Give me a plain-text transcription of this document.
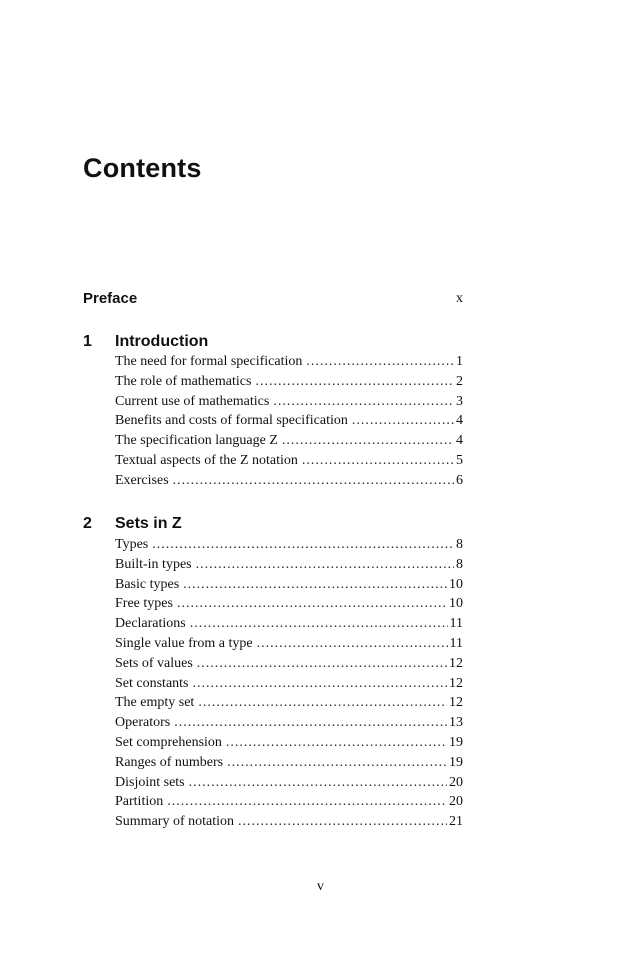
Contents
Preface	x
1 Introduction
The need for formal specification .....	1
The role of mathematics .....	2
Current use of mathematics .....	3
Benefits and costs of formal specification .....	4
The specification language Z .....	4
Textual aspects of the Z notation .....	5
Exercises .....	6
2 Sets in Z
Types .....	8
Built-in types .....	8
Basic types .....	10
Free types .....	10
Declarations .....	11
Single value from a type .....	11
Sets of values .....	12
Set constants .....	12
The empty set .....	12
Operators .....	13
Set comprehension .....	19
Ranges of numbers .....	19
Disjoint sets .....	20
Partition .....	20
Summary of notation .....	21
v
